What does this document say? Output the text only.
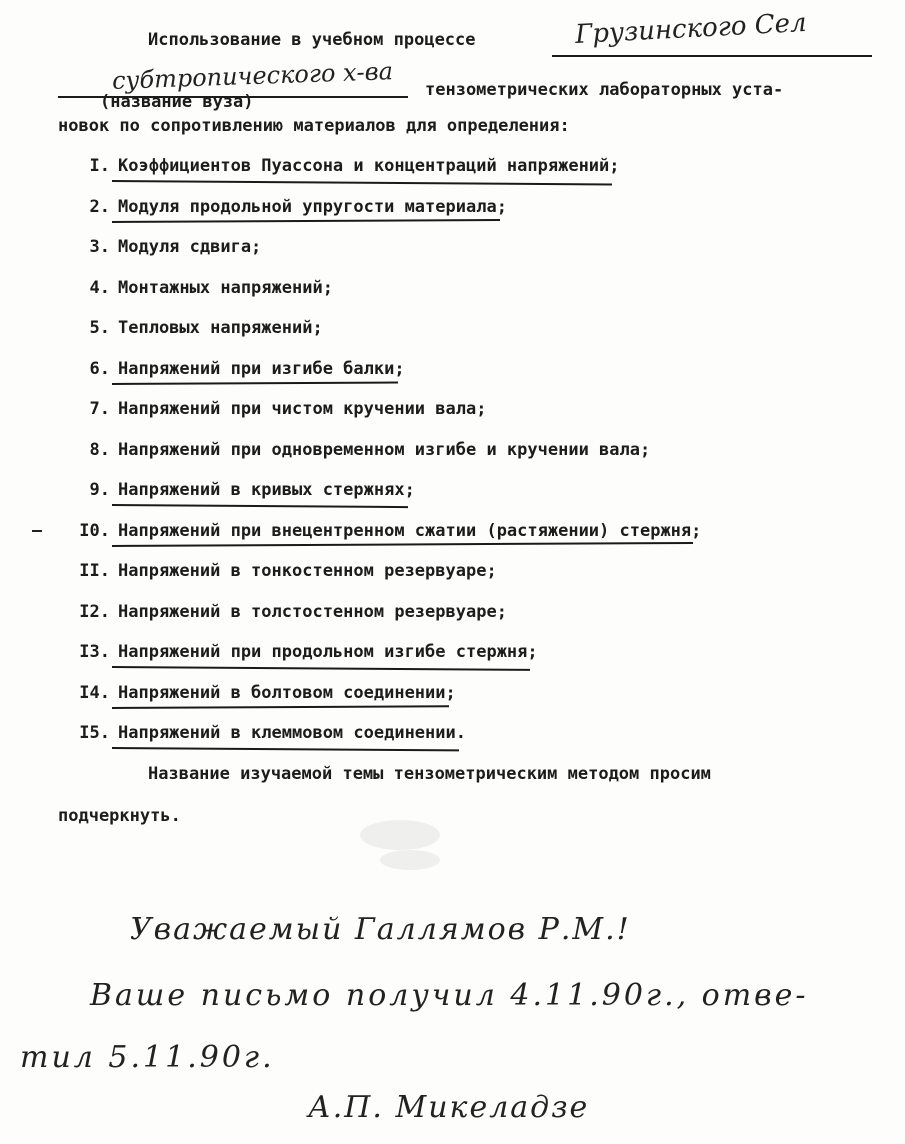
Использование в учебном процессе	Грузинского Сел
субтропического х-ва тензометрических лабораторных уста-
(название вуза)
новок по сопротивлению материалов для определения:
I. Коэффициентов Пуассона и концентраций напряжений;
2. Модуля продольной упругости материала;
3. Модуля сдвига;
4. Монтажных напряжений;
5. Тепловых напряжений;
6. Напряжений при изгибе балки;
7. Напряжений при чистом кручении вала;
8. Напряжений при одновременном изгибе и кручении вала;
9. Напряжений в кривых стержнях;
I0. Напряжений при внецентренном сжатии (растяжении) стержня;
II. Напряжений в тонкостенном резервуаре;
I2. Напряжений в толстостенном резервуаре;
I3. Напряжений при продольном изгибе стержня;
I4. Напряжений в болтовом соединении;
I5. Напряжений в клеммовом соединении.
Название изучаемой темы тензометрическим методом просим
подчеркнуть.
Уважаемый Галлямов Р.М.!
Ваше письмо получил 4.11.90г., отве-
тил 5.11.90г.
А.П. Микеладзе
